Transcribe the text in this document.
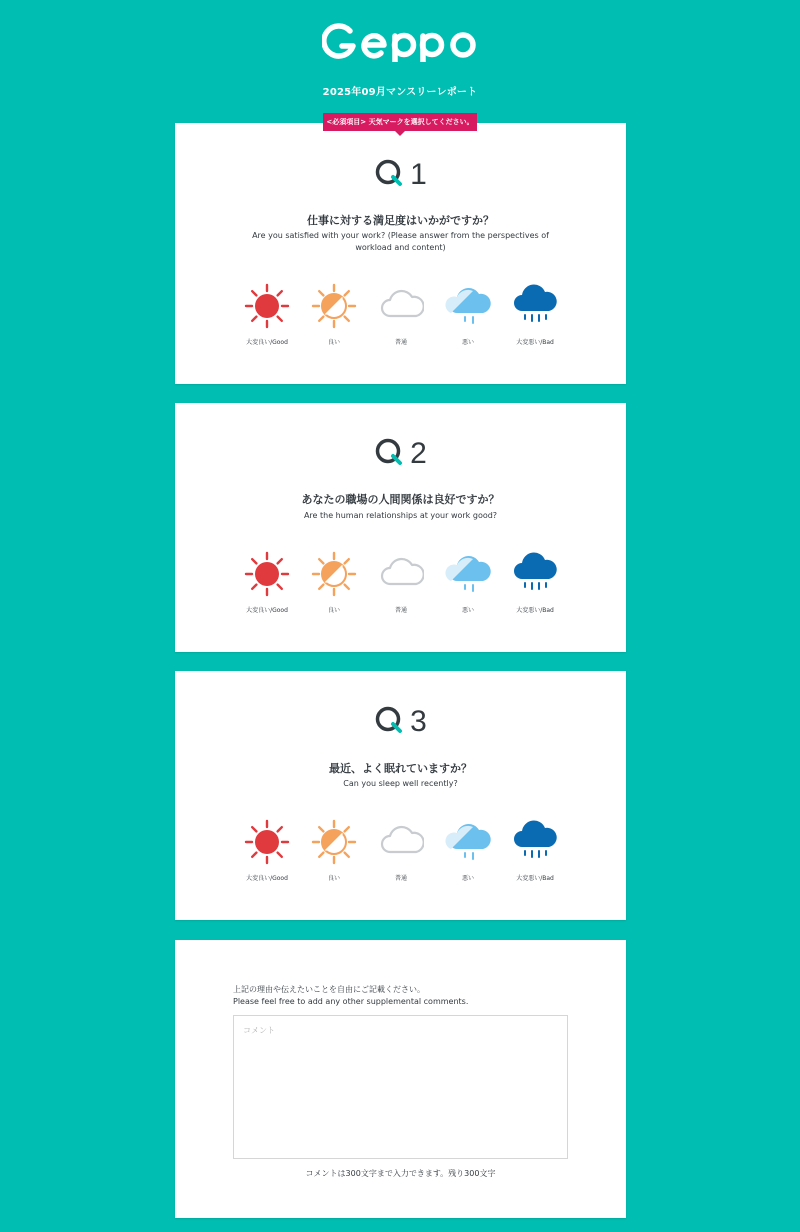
2025年09月マンスリーレポート
<必須項目> 天気マークを選択してください。
1
仕事に対する満足度はいかがですか？
Are you satisfied with your work? (Please answer from the perspectives of workload and content)
大変良い/Good	良い	普通	悪い	大変悪い/Bad
2
あなたの職場の人間関係は良好ですか？
Are the human relationships at your work good?
大変良い/Good	良い	普通	悪い	大変悪い/Bad
3
最近、よく眠れていますか？
Can you sleep well recently?
大変良い/Good	良い	普通	悪い	大変悪い/Bad
上記の理由や伝えたいことを自由にご記載ください。
Please feel free to add any other supplemental comments.
コメント
コメントは300文字まで入力できます。残り300文字
